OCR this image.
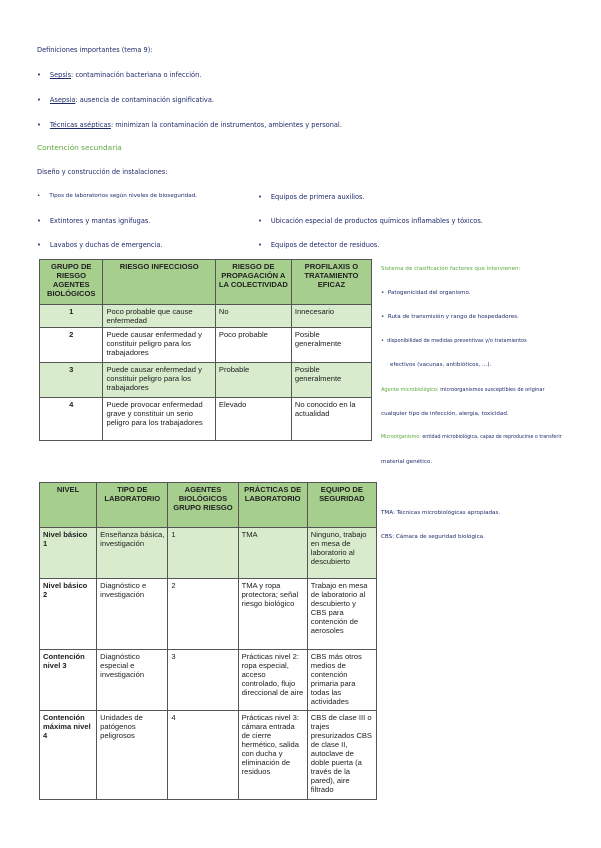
Definiciones importantes (tema 9):
• Sepsis: contaminación bacteriana o infección.
• Asepsia: ausencia de contaminación significativa.
• Técnicas asépticas: minimizan la contaminación de instrumentos, ambientes y personal.
Contención secundaria
Diseño y construcción de instalaciones:
• Tipos de laboratorios según niveles de bioseguridad.	• Equipos de primera auxilios.
• Extintores y mantas ignífugas.	• Ubicación especial de productos químicos inflamables y tóxicos.
• Lavabos y duchas de emergencia.	• Equipos de detector de residuos.
GRUPO DE RIESGO AGENTES BIOLÓGICOS	RIESGO INFECCIOSO	RIESGO DE PROPAGACIÓN A LA COLECTIVIDAD	PROFILAXIS O TRATAMIENTO EFICAZ
1	Poco probable que cause enfermedad	No	Innecesario
2	Puede causar enfermedad y constituir peligro para los trabajadores	Poco probable	Posible generalmente
3	Puede causar enfermedad y constituir peligro para los trabajadores	Probable	Posible generalmente
4	Puede provocar enfermedad grave y constituir un serio peligro para los trabajadores	Elevado	No conocido en la actualidad
Sistema de clasificación factores que intervienen:
•  Patogenicidad del organismo.
•  Ruta de transmisión y rango de hospedadores.
•  disponibilidad de medidas preventivas y/o tratamientos
efectivos (vacunas, antibióticos, ...).
Agente microbiológico: microorganismos susceptibles de originar
cualquier tipo de infección, alergia, toxicidad.
Microorganismo: entidad microbiológica, capaz de reproducirse o transferir
material genético.
TMA: Técnicas microbiológicas apropiadas.
CBS: Cámara de seguridad biológica.
NIVEL	TIPO DE LABORATORIO	AGENTES BIOLÓGICOS GRUPO RIESGO	PRÁCTICAS DE LABORATORIO	EQUIPO DE SEGURIDAD
Nivel básico 1	Enseñanza básica, investigación	1	TMA	Ninguno, trabajo en mesa de laboratorio al descubierto
Nivel básico 2	Diagnóstico e investigación	2	TMA y ropa protectora; señal riesgo biológico	Trabajo en mesa de laboratorio al descubierto y CBS para contención de aerosoles
Contención nivel 3	Diagnóstico especial e investigación	3	Prácticas nivel 2: ropa especial, acceso controlado, flujo direccional de aire	CBS más otros medios de contención primaria para todas las actividades
Contención máxima nivel 4	Unidades de patógenos peligrosos	4	Prácticas nivel 3: cámara entrada de cierre hermético, salida con ducha y eliminación de residuos	CBS de clase III o trajes presurizados CBS de clase II, autoclave de doble puerta (a través de la pared), aire filtrado
